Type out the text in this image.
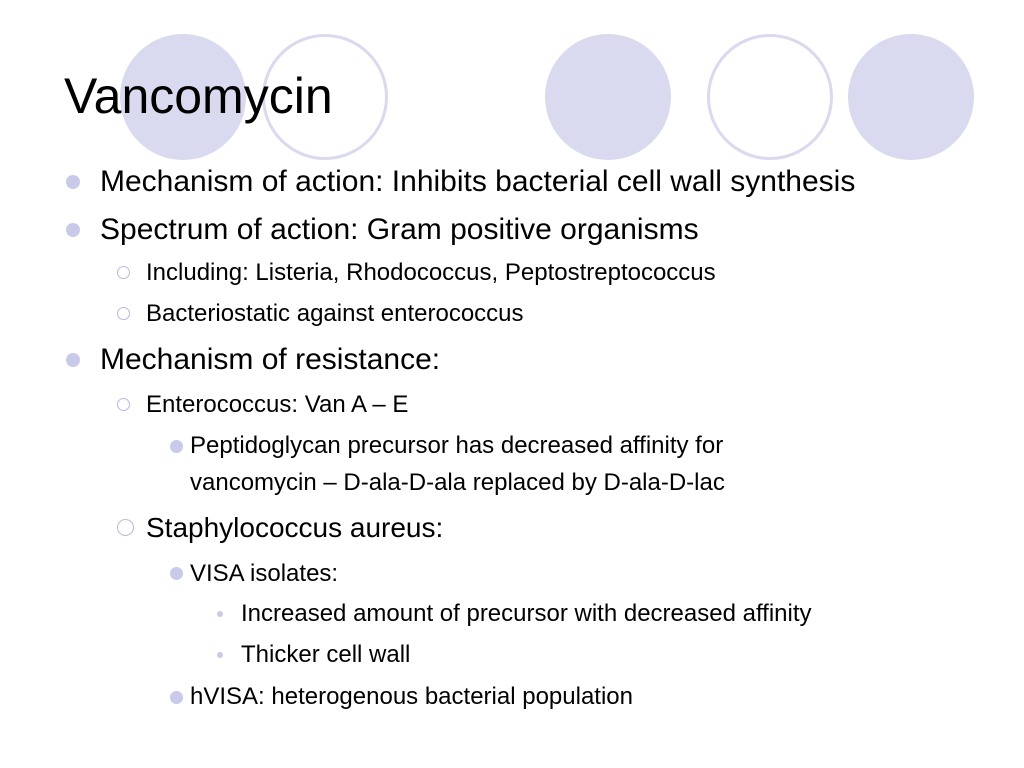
Vancomycin
Mechanism of action: Inhibits bacterial cell wall synthesis
Spectrum of action: Gram positive organisms
Including: Listeria, Rhodococcus, Peptostreptococcus
Bacteriostatic against enterococcus
Mechanism of resistance:
Enterococcus: Van A – E
Peptidoglycan precursor has decreased affinity for
vancomycin – D-ala-D-ala replaced by D-ala-D-lac
Staphylococcus aureus:
VISA isolates:
Increased amount of precursor with decreased affinity
Thicker cell wall
hVISA: heterogenous bacterial population
